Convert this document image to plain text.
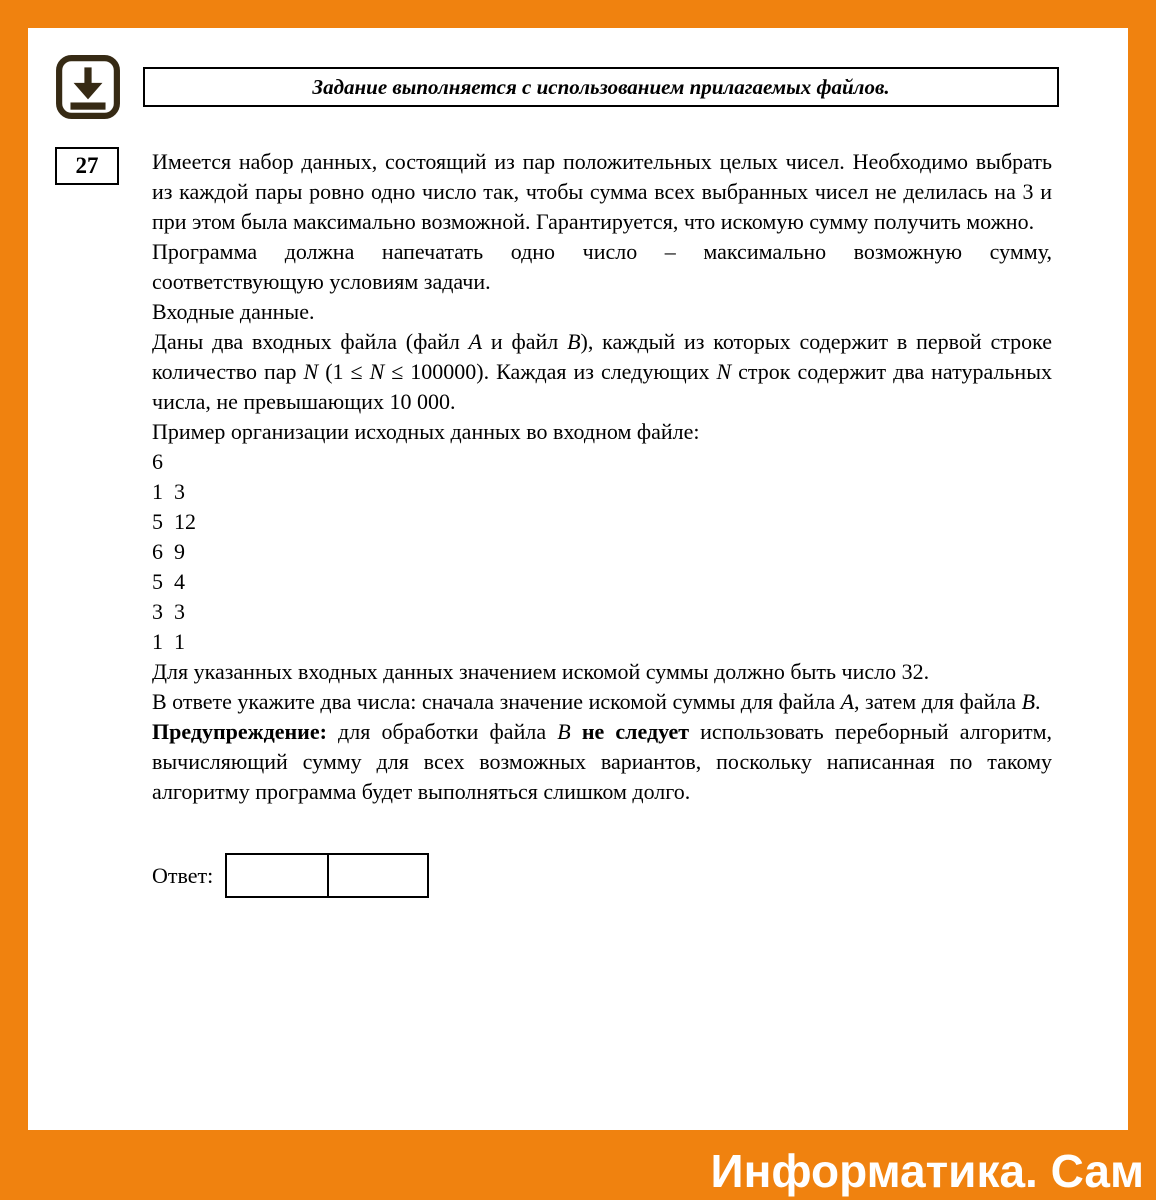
Задание выполняется с использованием прилагаемых файлов.
27 Имеется набор данных, состоящий из пар положительных целых чисел. Необходимо выбрать из каждой пары ровно одно число так, чтобы сумма всех выбранных чисел не делилась на 3 и при этом была максимально возможной. Гарантируется, что искомую сумму получить можно.

Программа должна напечатать одно число – максимально возможную сумму, соответствующую условиям задачи.

Входные данные.

Даны два входных файла (файл A и файл B), каждый из которых содержит в первой строке количество пар N (1 ≤ N ≤ 100000). Каждая из следующих N строк содержит два натуральных числа, не превышающих 10 000.

Пример организации исходных данных во входном файле:

6
1  3
5  12
6  9
5  4
3  3
1  1

Для указанных входных данных значением искомой суммы должно быть число 32.

В ответе укажите два числа: сначала значение искомой суммы для файла A, затем для файла B.

Предупреждение: для обработки файла B не следует использовать переборный алгоритм, вычисляющий сумму для всех возможных вариантов, поскольку написанная по такому алгоритму программа будет выполняться слишком долго.

Ответ:
Информатика. Сам
